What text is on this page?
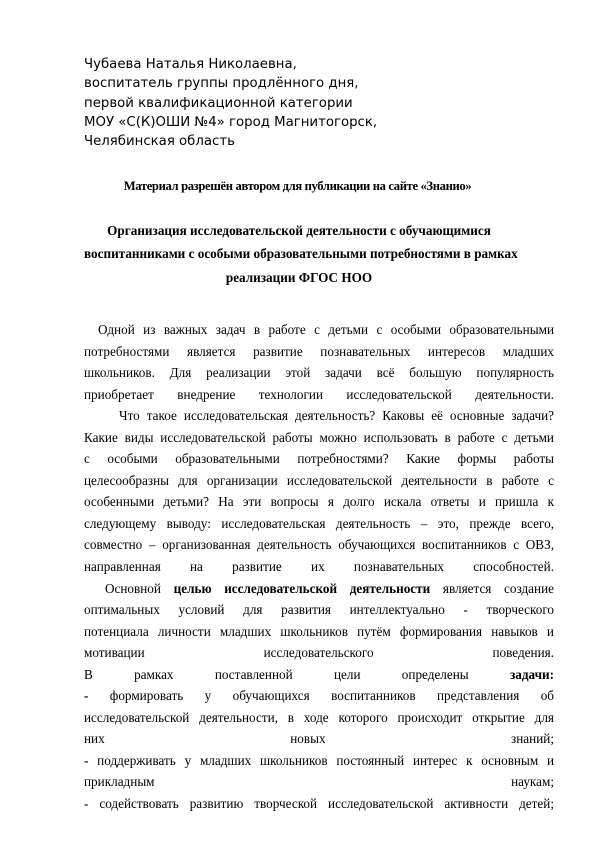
Чубаева Наталья Николаевна,
воспитатель группы продлённого дня,
первой квалификационной категории
МОУ «С(К)ОШИ №4» город Магнитогорск,
Челябинская область
Материал разрешён автором для публикации на сайте «Знанио»
Организация исследовательской деятельности с обучающимися
воспитанниками с особыми образовательными потребностями в рамках
реализации ФГОС НОО
Одной из важных задач в работе с детьми с особыми образовательными
потребностями является развитие познавательных интересов младших
школьников. Для реализации этой задачи всё большую популярность
приобретает внедрение технологии исследовательской деятельности.
Что такое исследовательская деятельность? Каковы её основные задачи?
Какие виды исследовательской работы можно использовать в работе с детьми
с особыми образовательными потребностями? Какие формы работы
целесообразны для организации исследовательской деятельности в работе с
особенными детьми? На эти вопросы я долго искала ответы и пришла к
следующему выводу: исследовательская деятельность – это, прежде всего,
совместно – организованная деятельность обучающихся воспитанников с ОВЗ,
направленная на развитие их познавательных способностей.
Основной целью исследовательской деятельности является создание
оптимальных условий для развития интеллектуально - творческого
потенциала личности младших школьников путём формирования навыков и
мотивации исследовательского поведения.
В рамках поставленной цели определены	задачи:
- формировать у обучающихся воспитанников представления об
исследовательской деятельности, в ходе которого происходит открытие для
них новых знаний;
- поддерживать у младших школьников постоянный интерес к основным и
прикладным наукам;
- содействовать развитию творческой исследовательской активности детей;
